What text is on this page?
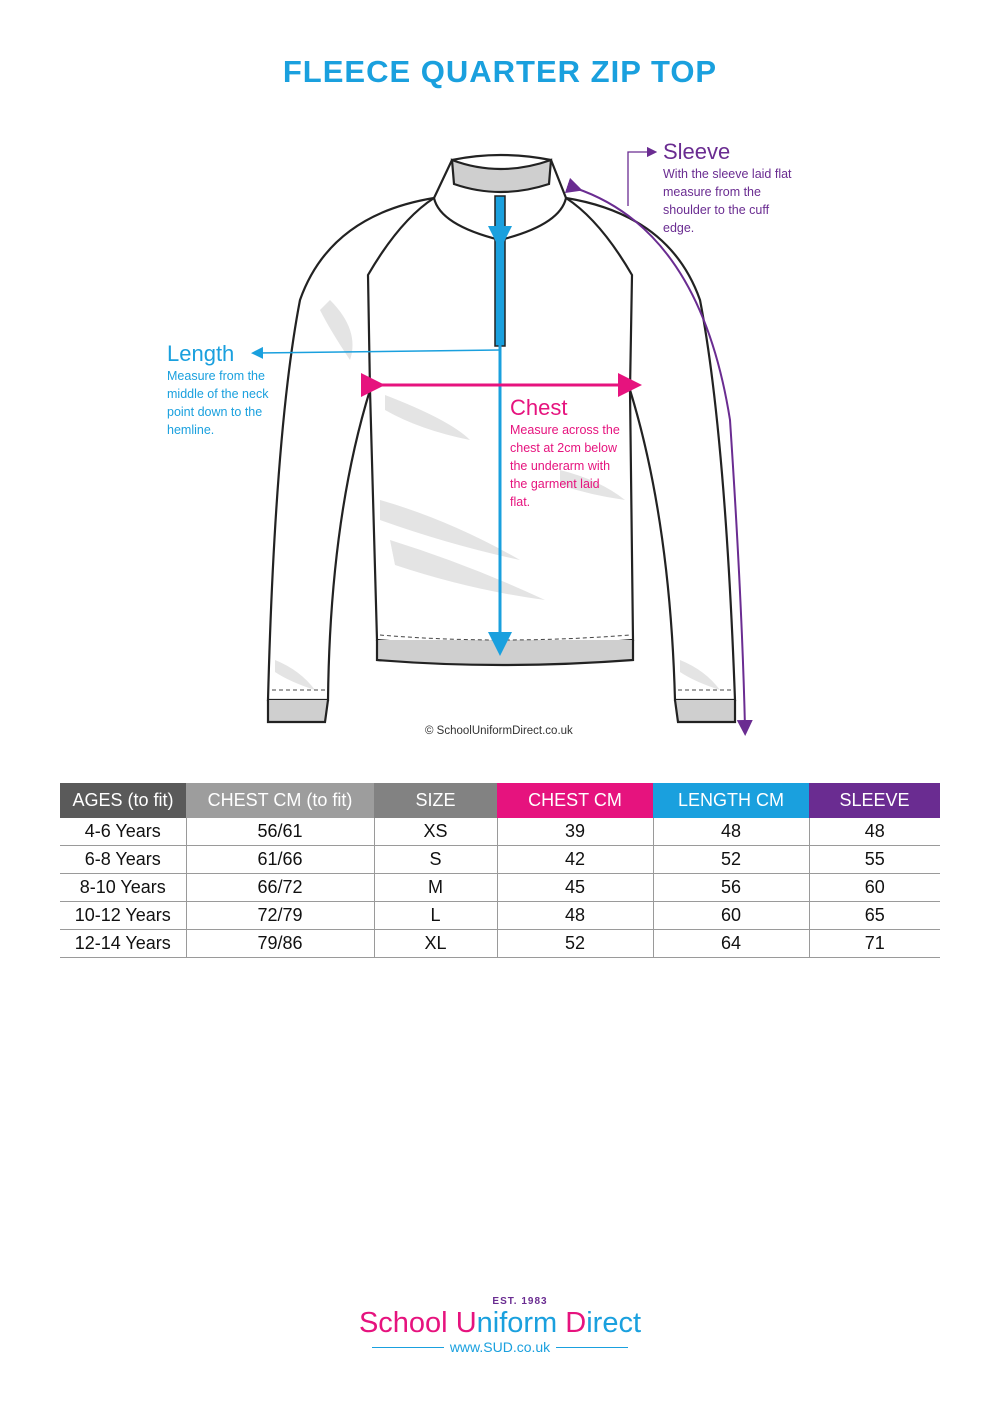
FLEECE QUARTER ZIP TOP
Sleeve
With the sleeve laid flat measure from the shoulder to the cuff edge.
Length
Measure from the middle of the neck point down to the hemline.
Chest
Measure across the chest at 2cm below the underarm with the garment laid flat.
© SchoolUniformDirect.co.uk
AGES (to fit)	CHEST CM (to fit)	SIZE	CHEST CM	LENGTH CM	SLEEVE
4-6 Years	56/61	XS	39	48	48
6-8 Years	61/66	S	42	52	55
8-10 Years	66/72	M	45	56	60
10-12 Years	72/79	L	48	60	65
12-14 Years	79/86	XL	52	64	71
EST. 1983
School Uniform Direct
www.SUD.co.uk
